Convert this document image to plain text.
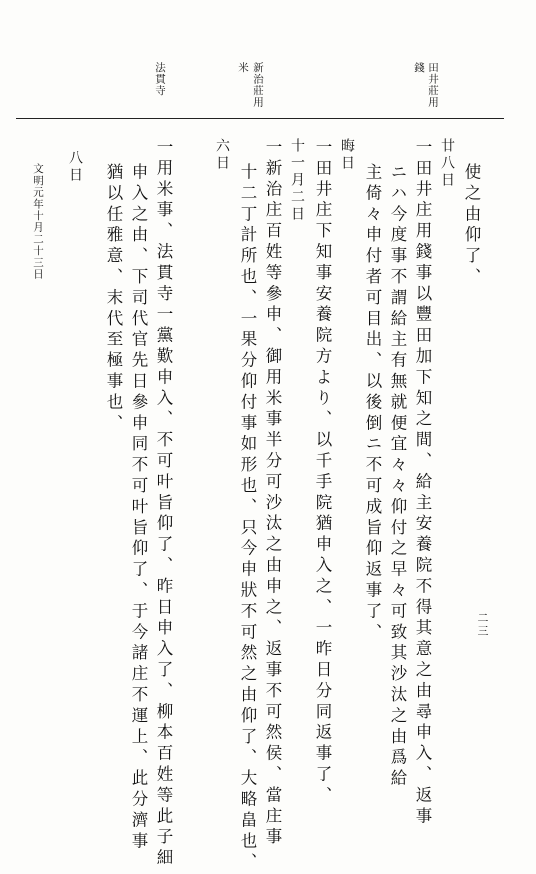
田井莊用
錢
新治莊用
米
法貫寺
使之由仰了、
廿八日
一田井庄用錢事以豐田加下知之間、給主安養院不得其意之由尋申入、返事
ニハ今度事不謂給主有無就便宜々々仰付之早々可致其沙汰之由爲給
主倚々申付者可目出、以後倒ニ不可成旨仰返事了、
晦日
一田井庄下知事安養院方より、以千手院猶申入之、一昨日分同返事了、
十一月二日
一新治庄百姓等參申、御用米事半分可沙汰之由申之、返事不可然侯、當庄事
十二丁計所也、一果分仰付事如形也、只今申狀不可然之由仰了、大略畠也、
六日
一用米事、法貫寺一黨歎申入、不可叶旨仰了、昨日申入了、柳本百姓等此子細
申入之由、下司代官先日參申同不可叶旨仰了、于今諸庄不運上、此分濟事
猶以任雅意、末代至極事也、
八日
文明元年十月二十三日
二三
